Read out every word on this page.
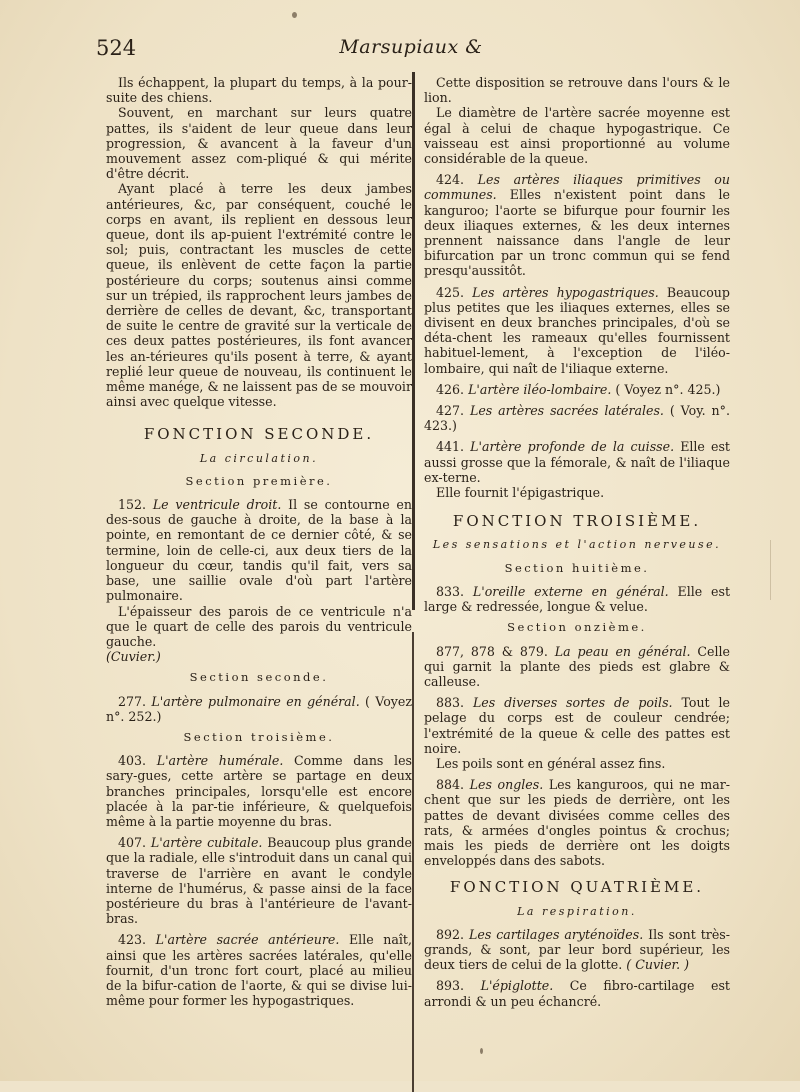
524	Marsupiaux &

Ils échappent, la plupart du temps, à la pour-suite des chiens.

Souvent, en marchant sur leurs quatre pattes, ils s'aident de leur queue dans leur progression, & avancent à la faveur d'un mouvement assez com-pliqué & qui mérite d'être décrit.

Ayant placé à terre les deux jambes antérieures, &c, par conséquent, couché le corps en avant, ils replient en dessous leur queue, dont ils ap-puient l'extrémité contre le sol; puis, contractant les muscles de cette queue, ils enlèvent de cette façon la partie postérieure du corps; soutenus ainsi comme sur un trépied, ils rapprochent leurs jambes de derrière de celles de devant, &c, transportant de suite le centre de gravité sur la verticale de ces deux pattes postérieures, ils font avancer les an-térieures qu'ils posent à terre, & ayant replié leur queue de nouveau, ils continuent le même manége, & ne laissent pas de se mouvoir ainsi avec quelque vitesse.

FONCTION SECONDE.
La circulation.
Section première.

152. Le ventricule droit. Il se contourne en des-sous de gauche à droite, de la base à la pointe, en remontant de ce dernier côté, & se termine, loin de celle-ci, aux deux tiers de la longueur du cœur, tandis qu'il fait, vers sa base, une saillie ovale d'où part l'artère pulmonaire.

L'épaisseur des parois de ce ventricule n'a que le quart de celle des parois du ventricule gauche.

(Cuvier.)

Section seconde.

277. L'artère pulmonaire en général. ( Voyez n°. 252.)

Section troisième.

403. L'artère humérale. Comme dans les sary-gues, cette artère se partage en deux branches principales, lorsqu'elle est encore placée à la par-tie inférieure, & quelquefois même à la partie moyenne du bras.

407. L'artère cubitale. Beaucoup plus grande que la radiale, elle s'introduit dans un canal qui traverse de l'arrière en avant le condyle interne de l'humérus, & passe ainsi de la face postérieure du bras à l'antérieure de l'avant-bras.

423. L'artère sacrée antérieure. Elle naît, ainsi que les artères sacrées latérales, qu'elle fournit, d'un tronc fort court, placé au milieu de la bifur-cation de l'aorte, & qui se divise lui-même pour former les hypogastriques.

Cette disposition se retrouve dans l'ours & le lion.

Le diamètre de l'artère sacrée moyenne est égal à celui de chaque hypogastrique. Ce vaisseau est ainsi proportionné au volume considérable de la queue.

424. Les artères iliaques primitives ou communes. Elles n'existent point dans le kanguroo; l'aorte se bifurque pour fournir les deux iliaques externes, & les deux internes prennent naissance dans l'angle de leur bifurcation par un tronc commun qui se fend presqu'aussitôt.

425. Les artères hypogastriques. Beaucoup plus petites que les iliaques externes, elles se divisent en deux branches principales, d'où se déta-chent les rameaux qu'elles fournissent habituel-lement, à l'exception de l'iléo-lombaire, qui naît de l'iliaque externe.

426. L'artère iléo-lombaire. ( Voyez n°. 425.)

427. Les artères sacrées latérales. ( Voy. n°. 423.)

441. L'artère profonde de la cuisse. Elle est aussi grosse que la fémorale, & naît de l'iliaque ex-terne.

Elle fournit l'épigastrique.

FONCTION TROISIÈME.
Les sensations et l'action nerveuse.
Section huitième.

833. L'oreille externe en général. Elle est large & redressée, longue & velue.

Section onzième.

877, 878 & 879. La peau en général. Celle qui garnit la plante des pieds est glabre & calleuse.

883. Les diverses sortes de poils. Tout le pelage du corps est de couleur cendrée; l'extrémité de la queue & celle des pattes est noire.

Les poils sont en général assez fins.

884. Les ongles. Les kanguroos, qui ne mar-chent que sur les pieds de derrière, ont les pattes de devant divisées comme celles des rats, & armées d'ongles pointus & crochus; mais les pieds de derrière ont les doigts enveloppés dans des sabots.

FONCTION QUATRIÈME.
La respiration.

892. Les cartilages aryténoïdes. Ils sont très-grands, & sont, par leur bord supérieur, les deux tiers de celui de la glotte. ( Cuvier. )

893. L'épiglotte. Ce fibro-cartilage est arrondi & un peu échancré.
